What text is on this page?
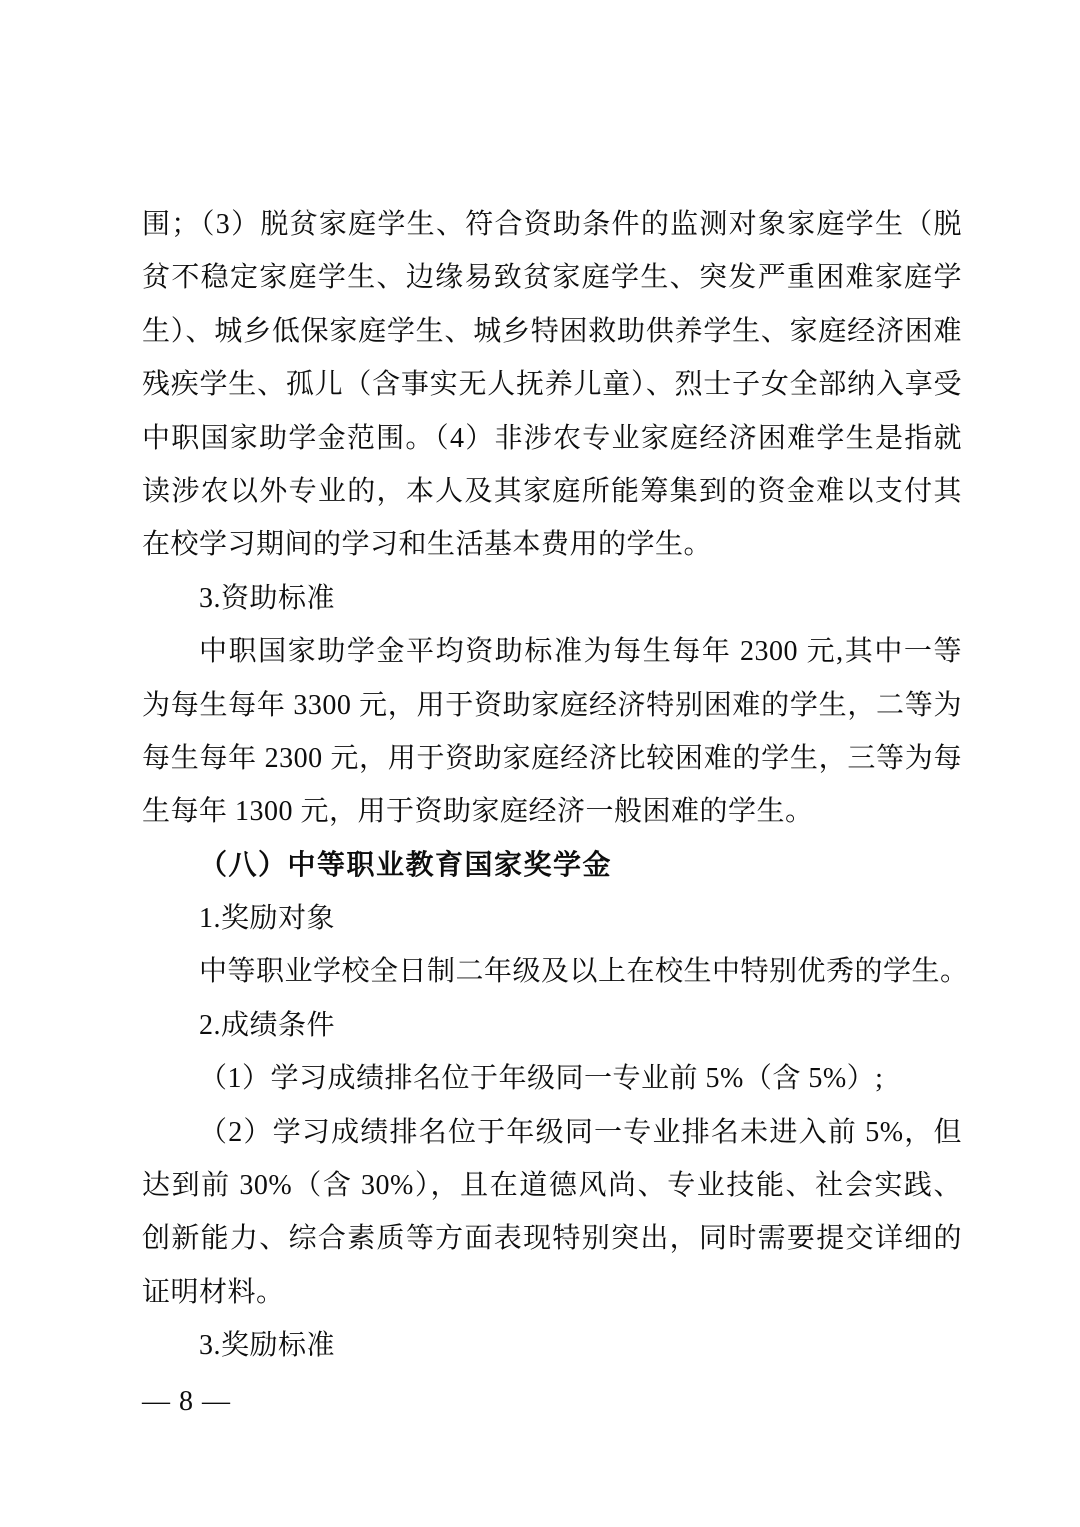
围；（3）脱贫家庭学生、符合资助条件的监测对象家庭学生（脱
贫不稳定家庭学生、边缘易致贫家庭学生、突发严重困难家庭学
生）、城乡低保家庭学生、城乡特困救助供养学生、家庭经济困难
残疾学生、孤儿（含事实无人抚养儿童）、烈士子女全部纳入享受
中职国家助学金范围。（4）非涉农专业家庭经济困难学生是指就
读涉农以外专业的，本人及其家庭所能筹集到的资金难以支付其
在校学习期间的学习和生活基本费用的学生。
3.资助标准
中职国家助学金平均资助标准为每生每年 2300 元,其中一等
为每生每年 3300 元，用于资助家庭经济特别困难的学生，二等为
每生每年 2300 元，用于资助家庭经济比较困难的学生，三等为每
生每年 1300 元，用于资助家庭经济一般困难的学生。
（八）中等职业教育国家奖学金
1.奖励对象
中等职业学校全日制二年级及以上在校生中特别优秀的学生。
2.成绩条件
（1）学习成绩排名位于年级同一专业前 5%（含 5%）;
（2）学习成绩排名位于年级同一专业排名未进入前 5%，但
达到前 30%（含 30%），且在道德风尚、专业技能、社会实践、
创新能力、综合素质等方面表现特别突出，同时需要提交详细的
证明材料。
3.奖励标准
— 8 —
